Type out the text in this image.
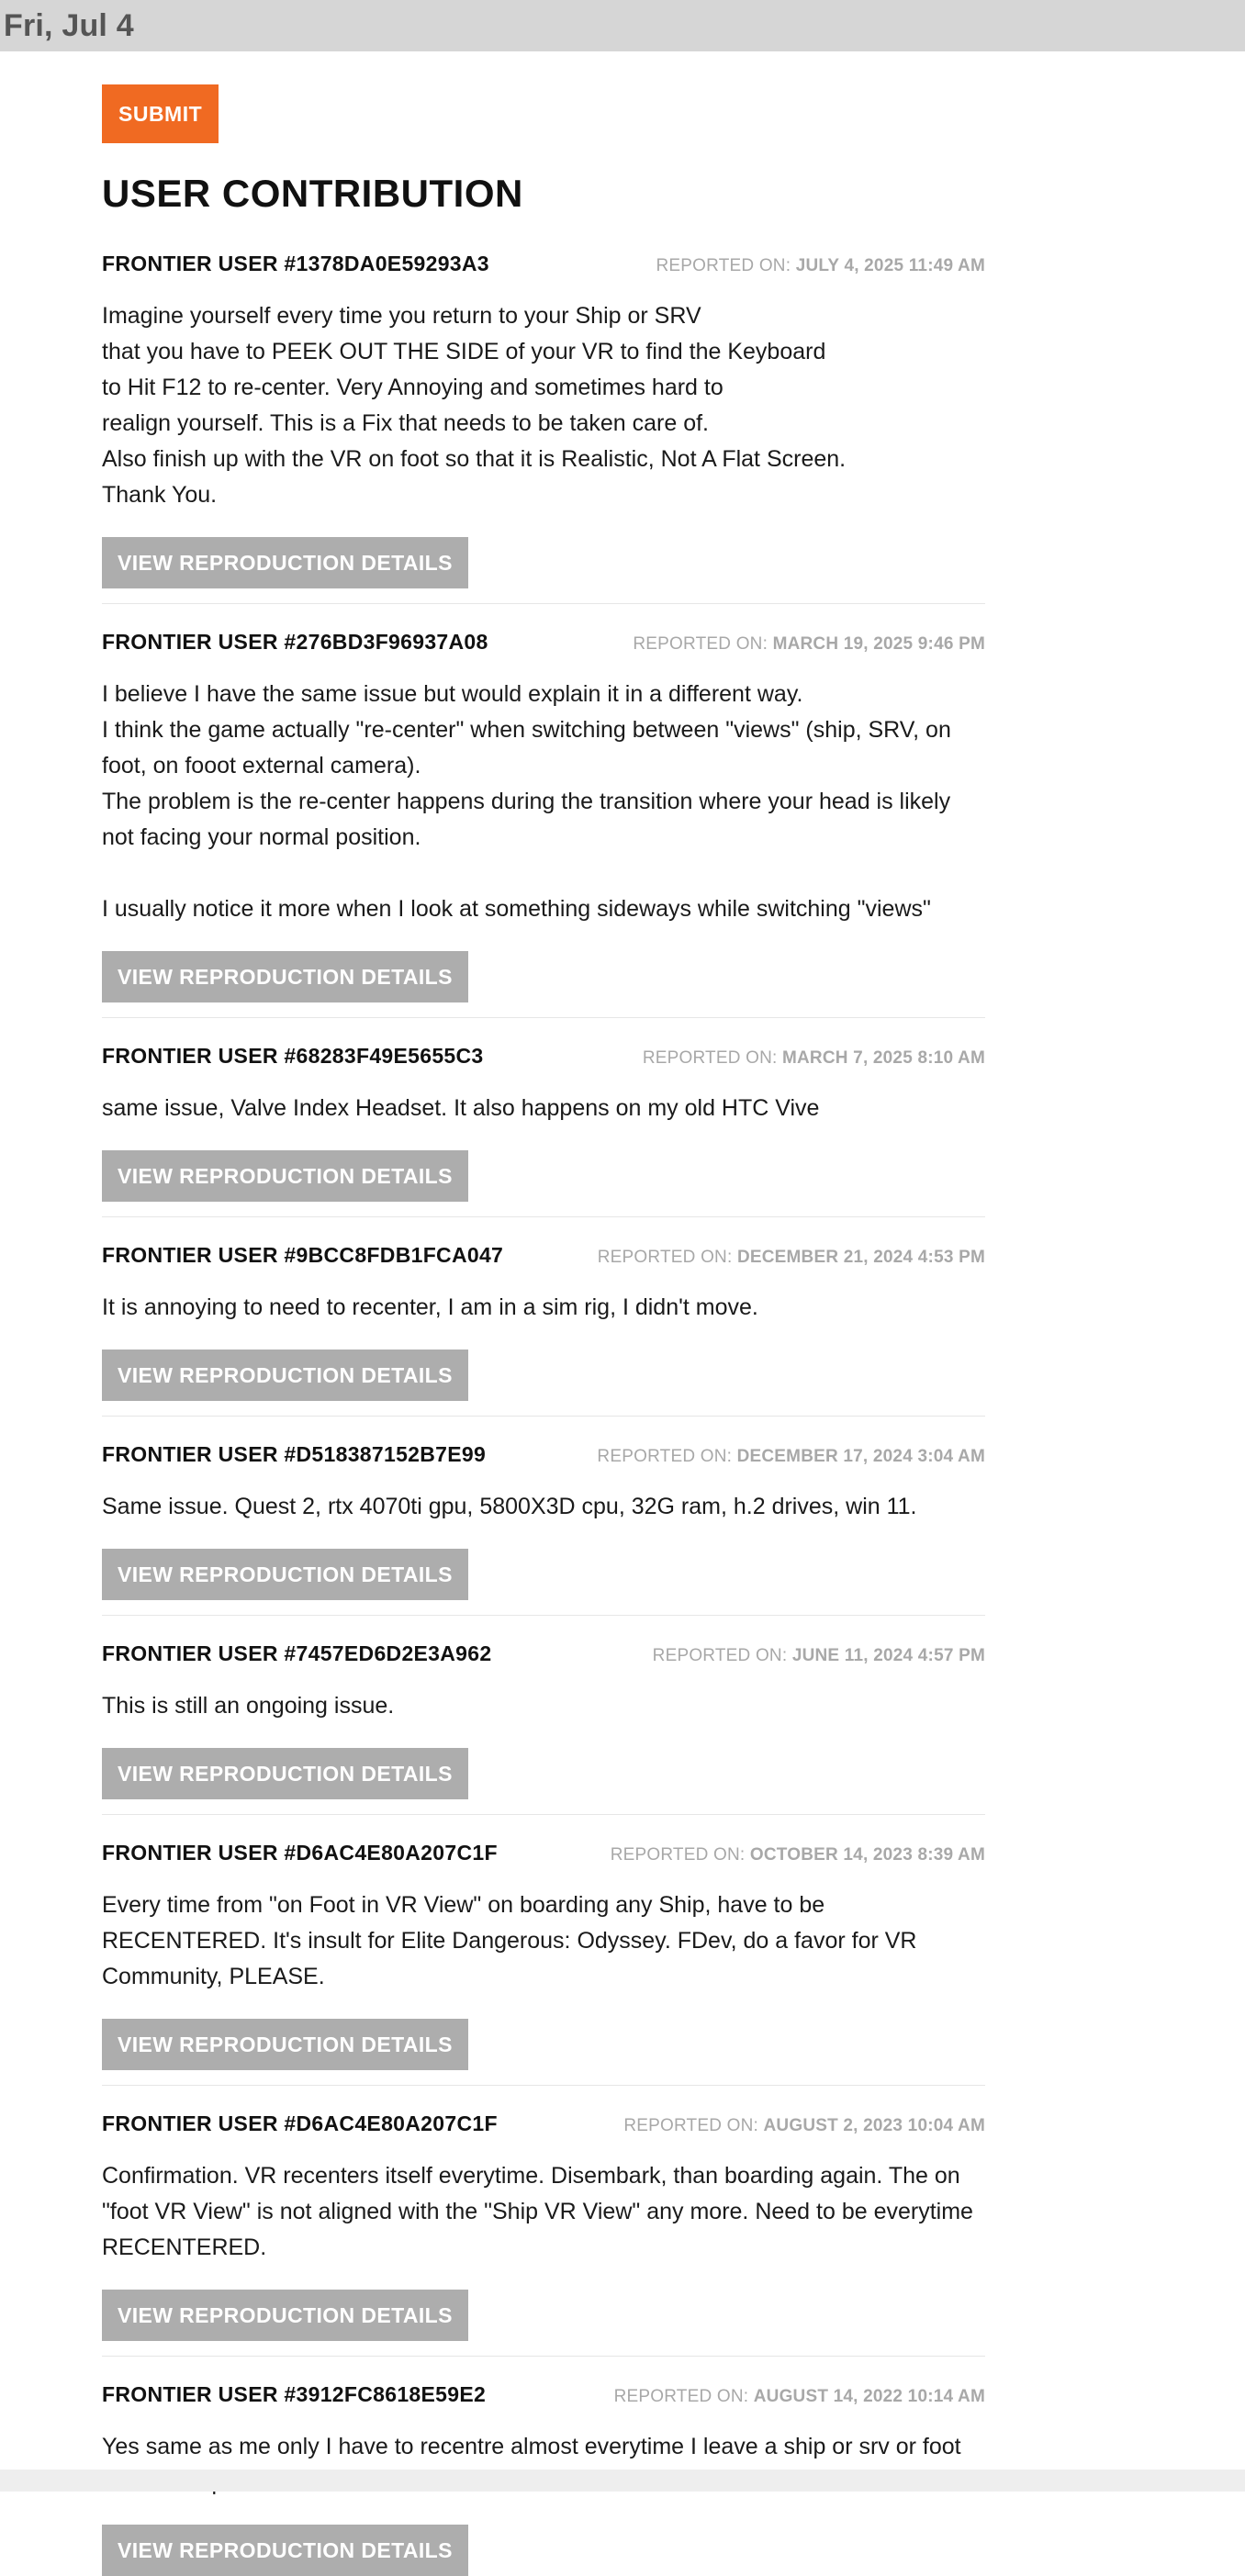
Fri, Jul 4
SUBMIT
USER CONTRIBUTION
FRONTIER USER #1378DA0E59293A3	REPORTED ON: JULY 4, 2025 11:49 AM
Imagine yourself every time you return to your Ship or SRV
that you have to PEEK OUT THE SIDE of your VR to find the Keyboard
to Hit F12 to re-center. Very Annoying and sometimes hard to
realign yourself. This is a Fix that needs to be taken care of.
Also finish up with the VR on foot so that it is Realistic, Not A Flat Screen.
Thank You.
VIEW REPRODUCTION DETAILS
FRONTIER USER #276BD3F96937A08	REPORTED ON: MARCH 19, 2025 9:46 PM
I believe I have the same issue but would explain it in a different way.
I think the game actually "re-center" when switching between "views" (ship, SRV, on foot, on fooot external camera).
The problem is the re-center happens during the transition where your head is likely not facing your normal position.

I usually notice it more when I look at something sideways while switching "views"
VIEW REPRODUCTION DETAILS
FRONTIER USER #68283F49E5655C3	REPORTED ON: MARCH 7, 2025 8:10 AM
same issue, Valve Index Headset. It also happens on my old HTC Vive
VIEW REPRODUCTION DETAILS
FRONTIER USER #9BCC8FDB1FCA047	REPORTED ON: DECEMBER 21, 2024 4:53 PM
It is annoying to need to recenter, I am in a sim rig, I didn't move.
VIEW REPRODUCTION DETAILS
FRONTIER USER #D518387152B7E99	REPORTED ON: DECEMBER 17, 2024 3:04 AM
Same issue. Quest 2, rtx 4070ti gpu, 5800X3D cpu, 32G ram, h.2 drives, win 11.
VIEW REPRODUCTION DETAILS
FRONTIER USER #7457ED6D2E3A962	REPORTED ON: JUNE 11, 2024 4:57 PM
This is still an ongoing issue.
VIEW REPRODUCTION DETAILS
FRONTIER USER #D6AC4E80A207C1F	REPORTED ON: OCTOBER 14, 2023 8:39 AM
Every time from "on Foot in VR View" on boarding any Ship, have to be RECENTERED. It's insult for Elite Dangerous: Odyssey. FDev, do a favor for VR Community, PLEASE.
VIEW REPRODUCTION DETAILS
FRONTIER USER #D6AC4E80A207C1F	REPORTED ON: AUGUST 2, 2023 10:04 AM
Confirmation. VR recenters itself everytime. Disembark, than boarding again. The on "foot VR View" is not aligned with the "Ship VR View" any more. Need to be everytime RECENTERED.
VIEW REPRODUCTION DETAILS
FRONTIER USER #3912FC8618E59E2	REPORTED ON: AUGUST 14, 2022 10:14 AM
Yes same as me only I have to recentre almost everytime I leave a ship or srv or foot
VIEW REPRODUCTION DETAILS
